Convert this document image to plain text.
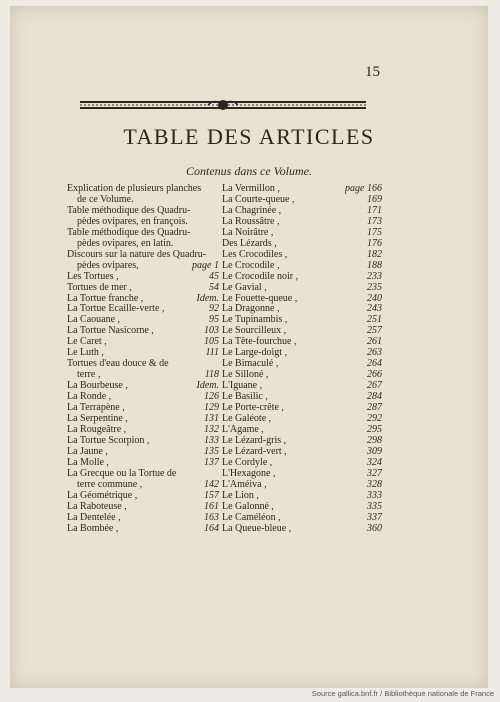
15
TABLE DES ARTICLES
Contenus dans ce Volume.
Explication de plusieurs planches
de ce Volume.
Table méthodique des Quadru-
pèdes ovipares, en françois.
Table méthodique des Quadru-
pèdes ovipares, en latin.
Discours sur la nature des Quadru-
pèdes ovipares,	page 1
Les Tortues ,	45
Tortues de mer ,	54
La Tortue franche ,	Idem.
La Tortue Ecaille-verte ,	92
La Caouane ,	95
La Tortue Nasicorne ,	103
Le Caret ,	105
Le Luth ,	111
Tortues d'eau douce & de
terre ,	118
La Bourbeuse ,	Idem.
La Ronde ,	126
La Terrapène ,	129
La Serpentine ,	131
La Rougeâtre ,	132
La Tortue Scorpion ,	133
La Jaune ,	135
La Molle ,	137
La Grecque ou la Tortue de
terre commune ,	142
La Géométrique ,	157
La Raboteuse ,	161
La Dentelée ,	163
La Bombée ,	164
La Vermillon ,	page 166
La Courte-queue ,	169
La Chagrinée ,	171
La Roussâtre ,	173
La Noirâtre ,	175
Des Lézards ,	176
Les Crocodiles ,	182
Le Crocodile ,	188
Le Crocodile noir ,	233
Le Gavial ,	235
Le Fouette-queue ,	240
La Dragonne ,	243
Le Tupinambis ,	251
Le Sourcilleux ,	257
La Tête-fourchue ,	261
Le Large-doigt ,	263
Le Bimaculé ,	264
Le Silloné ,	266
L'Iguane ,	267
Le Basilic ,	284
Le Porte-crête ,	287
Le Galéote ,	292
L'Agame ,	295
Le Lézard-gris ,	298
Le Lézard-vert ,	309
Le Cordyle ,	324
L'Hexagone ,	327
L'Améiva ,	328
Le Lion ,	333
Le Galonné ,	335
Le Caméléon ,	337
La Queue-bleue ,	360
Source gallica.bnf.fr / Bibliothèque nationale de France
